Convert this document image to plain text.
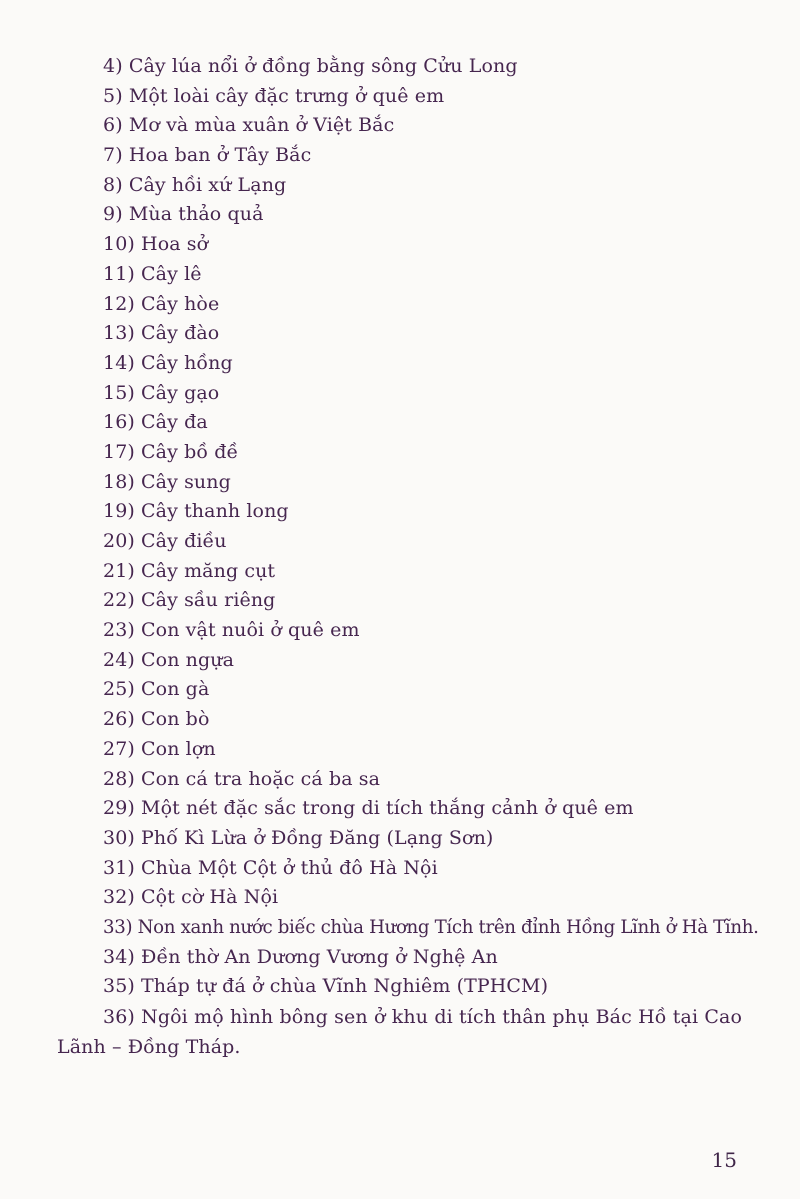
4) Cây lúa nổi ở đồng bằng sông Cửu Long
5) Một loài cây đặc trưng ở quê em
6) Mơ và mùa xuân ở Việt Bắc
7) Hoa ban ở Tây Bắc
8) Cây hồi xứ Lạng
9) Mùa thảo quả
10) Hoa sở
11) Cây lê
12) Cây hòe
13) Cây đào
14) Cây hồng
15) Cây gạo
16) Cây đa
17) Cây bồ đề
18) Cây sung
19) Cây thanh long
20) Cây điều
21) Cây măng cụt
22) Cây sầu riêng
23) Con vật nuôi ở quê em
24) Con ngựa
25) Con gà
26) Con bò
27) Con lợn
28) Con cá tra hoặc cá ba sa
29) Một nét đặc sắc trong di tích thắng cảnh ở quê em
30) Phố Kì Lừa ở Đồng Đăng (Lạng Sơn)
31) Chùa Một Cột ở thủ đô Hà Nội
32) Cột cờ Hà Nội
33) Non xanh nước biếc chùa Hương Tích trên đỉnh Hồng Lĩnh ở Hà Tĩnh.
34) Đền thờ An Dương Vương ở Nghệ An
35) Tháp tự đá ở chùa Vĩnh Nghiêm (TPHCM)
36) Ngôi mộ hình bông sen ở khu di tích thân phụ Bác Hồ tại Cao Lãnh – Đồng Tháp.
15
